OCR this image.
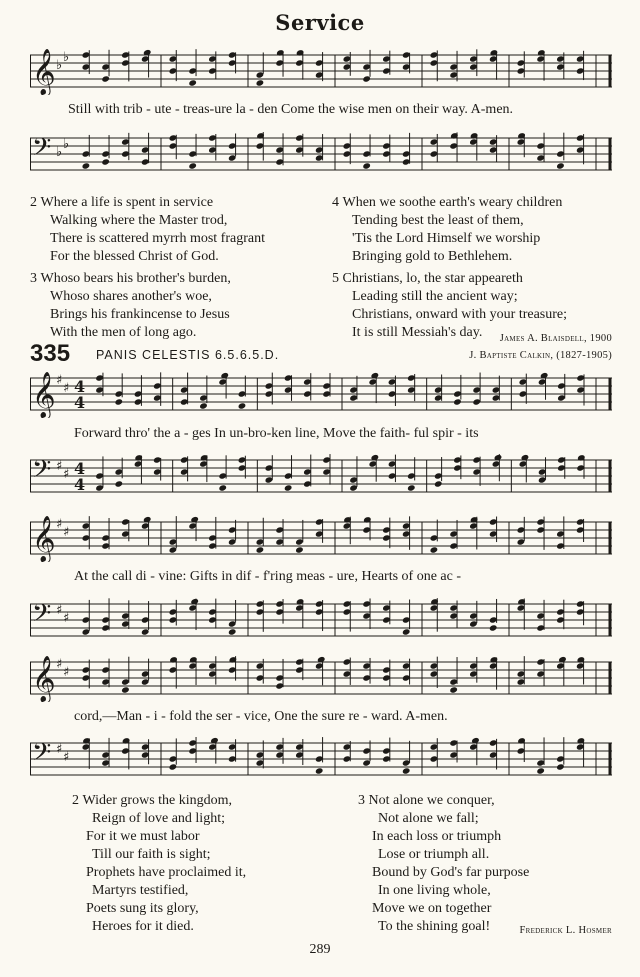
Service
𝄞 ♭
♭
Still with trib - ute - treas-ure la - den Come the wise men on their way. A-men.
𝄢 ♭
♭
2 Where a life is spent in service
Walking where the Master trod,
There is scattered myrrh most fragrant
For the blessed Christ of God.
3 Whoso bears his brother's burden,
Whoso shares another's woe,
Brings his frankincense to Jesus
With the men of long ago.
4 When we soothe earth's weary children
Tending best the least of them,
'Tis the Lord Himself we worship
Bringing gold to Bethlehem.
5 Christians, lo, the star appeareth
Leading still the ancient way;
Christians, onward with your treasure;
It is still Messiah's day.	James A. Blaisdell, 1900
335 PANIS CELESTIS 6.5.6.5.D.	J. Baptiste Calkin, (1827-1905)
𝄞 ♯
♯ 4
4
Forward thro' the a - ges In un-bro-ken line, Move the faith- ful spir - its
𝄢 ♯
♯ 4
4
𝄞 ♯
♯
At the call di - vine: Gifts in dif - f'ring meas - ure, Hearts of one ac -
𝄢 ♯
♯
𝄞 ♯
♯
cord,—Man - i - fold the ser - vice, One the sure re - ward. A-men.
𝄢 ♯
♯
2 Wider grows the kingdom,
Reign of love and light;
For it we must labor
Till our faith is sight;
Prophets have proclaimed it,
Martyrs testified,
Poets sung its glory,
Heroes for it died.
3 Not alone we conquer,
Not alone we fall;
In each loss or triumph
Lose or triumph all.
Bound by God's far purpose
In one living whole,
Move we on together
To the shining goal!	Frederick L. Hosmer
289
